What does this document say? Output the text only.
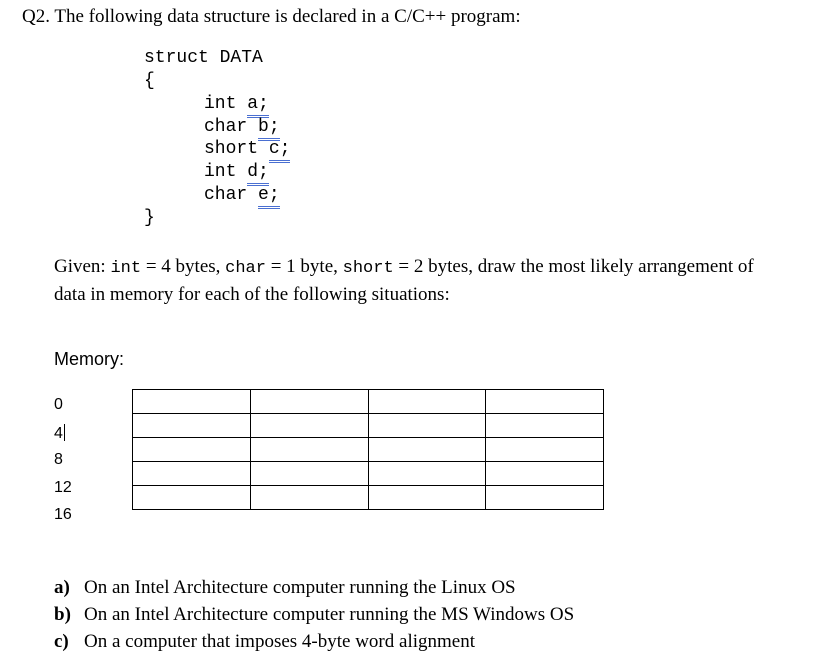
Q2. The following data structure is declared in a C/C++ program:
struct DATA
{
int a;
char b;
short c;
int d;
char e;
}
Given: int = 4 bytes, char = 1 byte, short = 2 bytes, draw the most likely arrangement of
data in memory for each of the following situations:
Memory:
0
4
8
12
16

a) On an Intel Architecture computer running the Linux OS
b) On an Intel Architecture computer running the MS Windows OS
c) On a computer that imposes 4-byte word alignment
